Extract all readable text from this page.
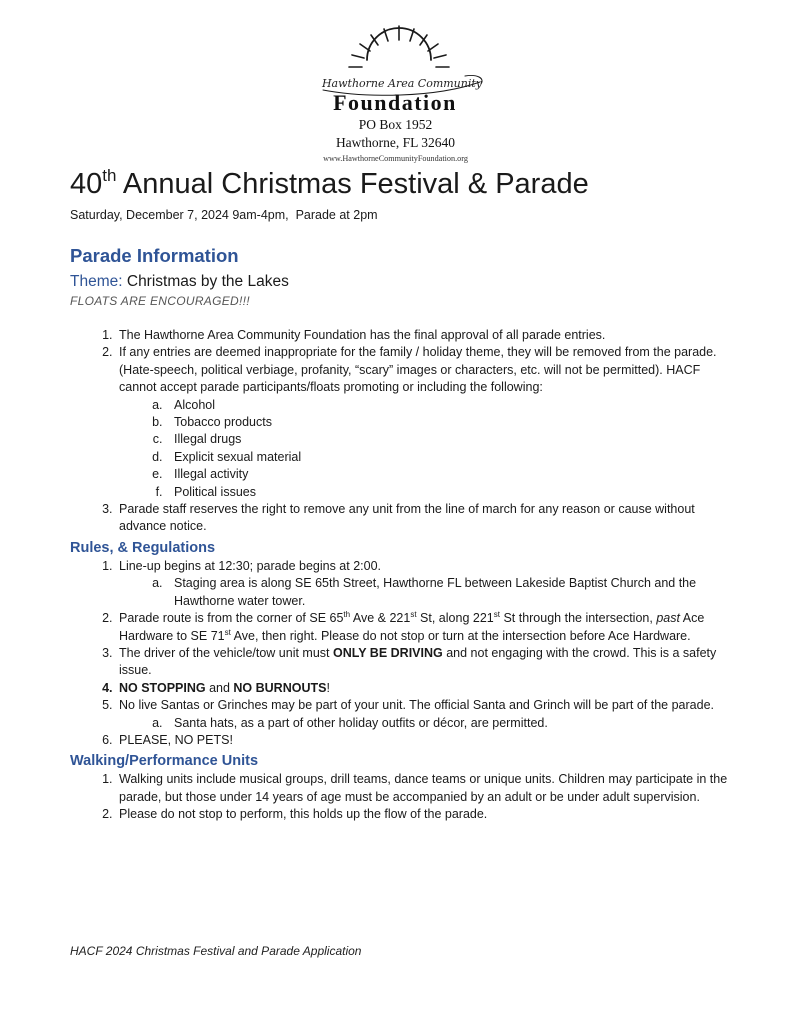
Hawthorne Area Community
Foundation
PO Box 1952
Hawthorne, FL 32640
www.HawthorneCommunityFoundation.org
40th Annual Christmas Festival & Parade

Saturday, December 7, 2024 9am-4pm,  Parade at 2pm

Parade Information

Theme: Christmas by the Lakes

FLOATS ARE ENCOURAGED!!!

1. The Hawthorne Area Community Foundation has the final approval of all parade entries.
2. If any entries are deemed inappropriate for the family / holiday theme, they will be removed from the parade. (Hate-speech, political verbiage, profanity, “scary” images or characters, etc. will not be permitted). HACF cannot accept parade participants/floats promoting or including the following:
a. Alcohol
b. Tobacco products
c. Illegal drugs
d. Explicit sexual material
e. Illegal activity
f. Political issues
3. Parade staff reserves the right to remove any unit from the line of march for any reason or cause without advance notice.
Rules, & Regulations
1. Line-up begins at 12:30; parade begins at 2:00.
a. Staging area is along SE 65th Street, Hawthorne FL between Lakeside Baptist Church and the Hawthorne water tower.
2. Parade route is from the corner of SE 65th Ave & 221st St, along 221st St through the intersection, past Ace Hardware to SE 71st Ave, then right. Please do not stop or turn at the intersection before Ace Hardware.
3. The driver of the vehicle/tow unit must ONLY BE DRIVING and not engaging with the crowd. This is a safety issue.
4. NO STOPPING and NO BURNOUTS!
5. No live Santas or Grinches may be part of your unit. The official Santa and Grinch will be part of the parade.
a. Santa hats, as a part of other holiday outfits or décor, are permitted.
6. PLEASE, NO PETS!
Walking/Performance Units
1. Walking units include musical groups, drill teams, dance teams or unique units. Children may participate in the parade, but those under 14 years of age must be accompanied by an adult or be under adult supervision.
2. Please do not stop to perform, this holds up the flow of the parade.

HACF 2024 Christmas Festival and Parade Application
